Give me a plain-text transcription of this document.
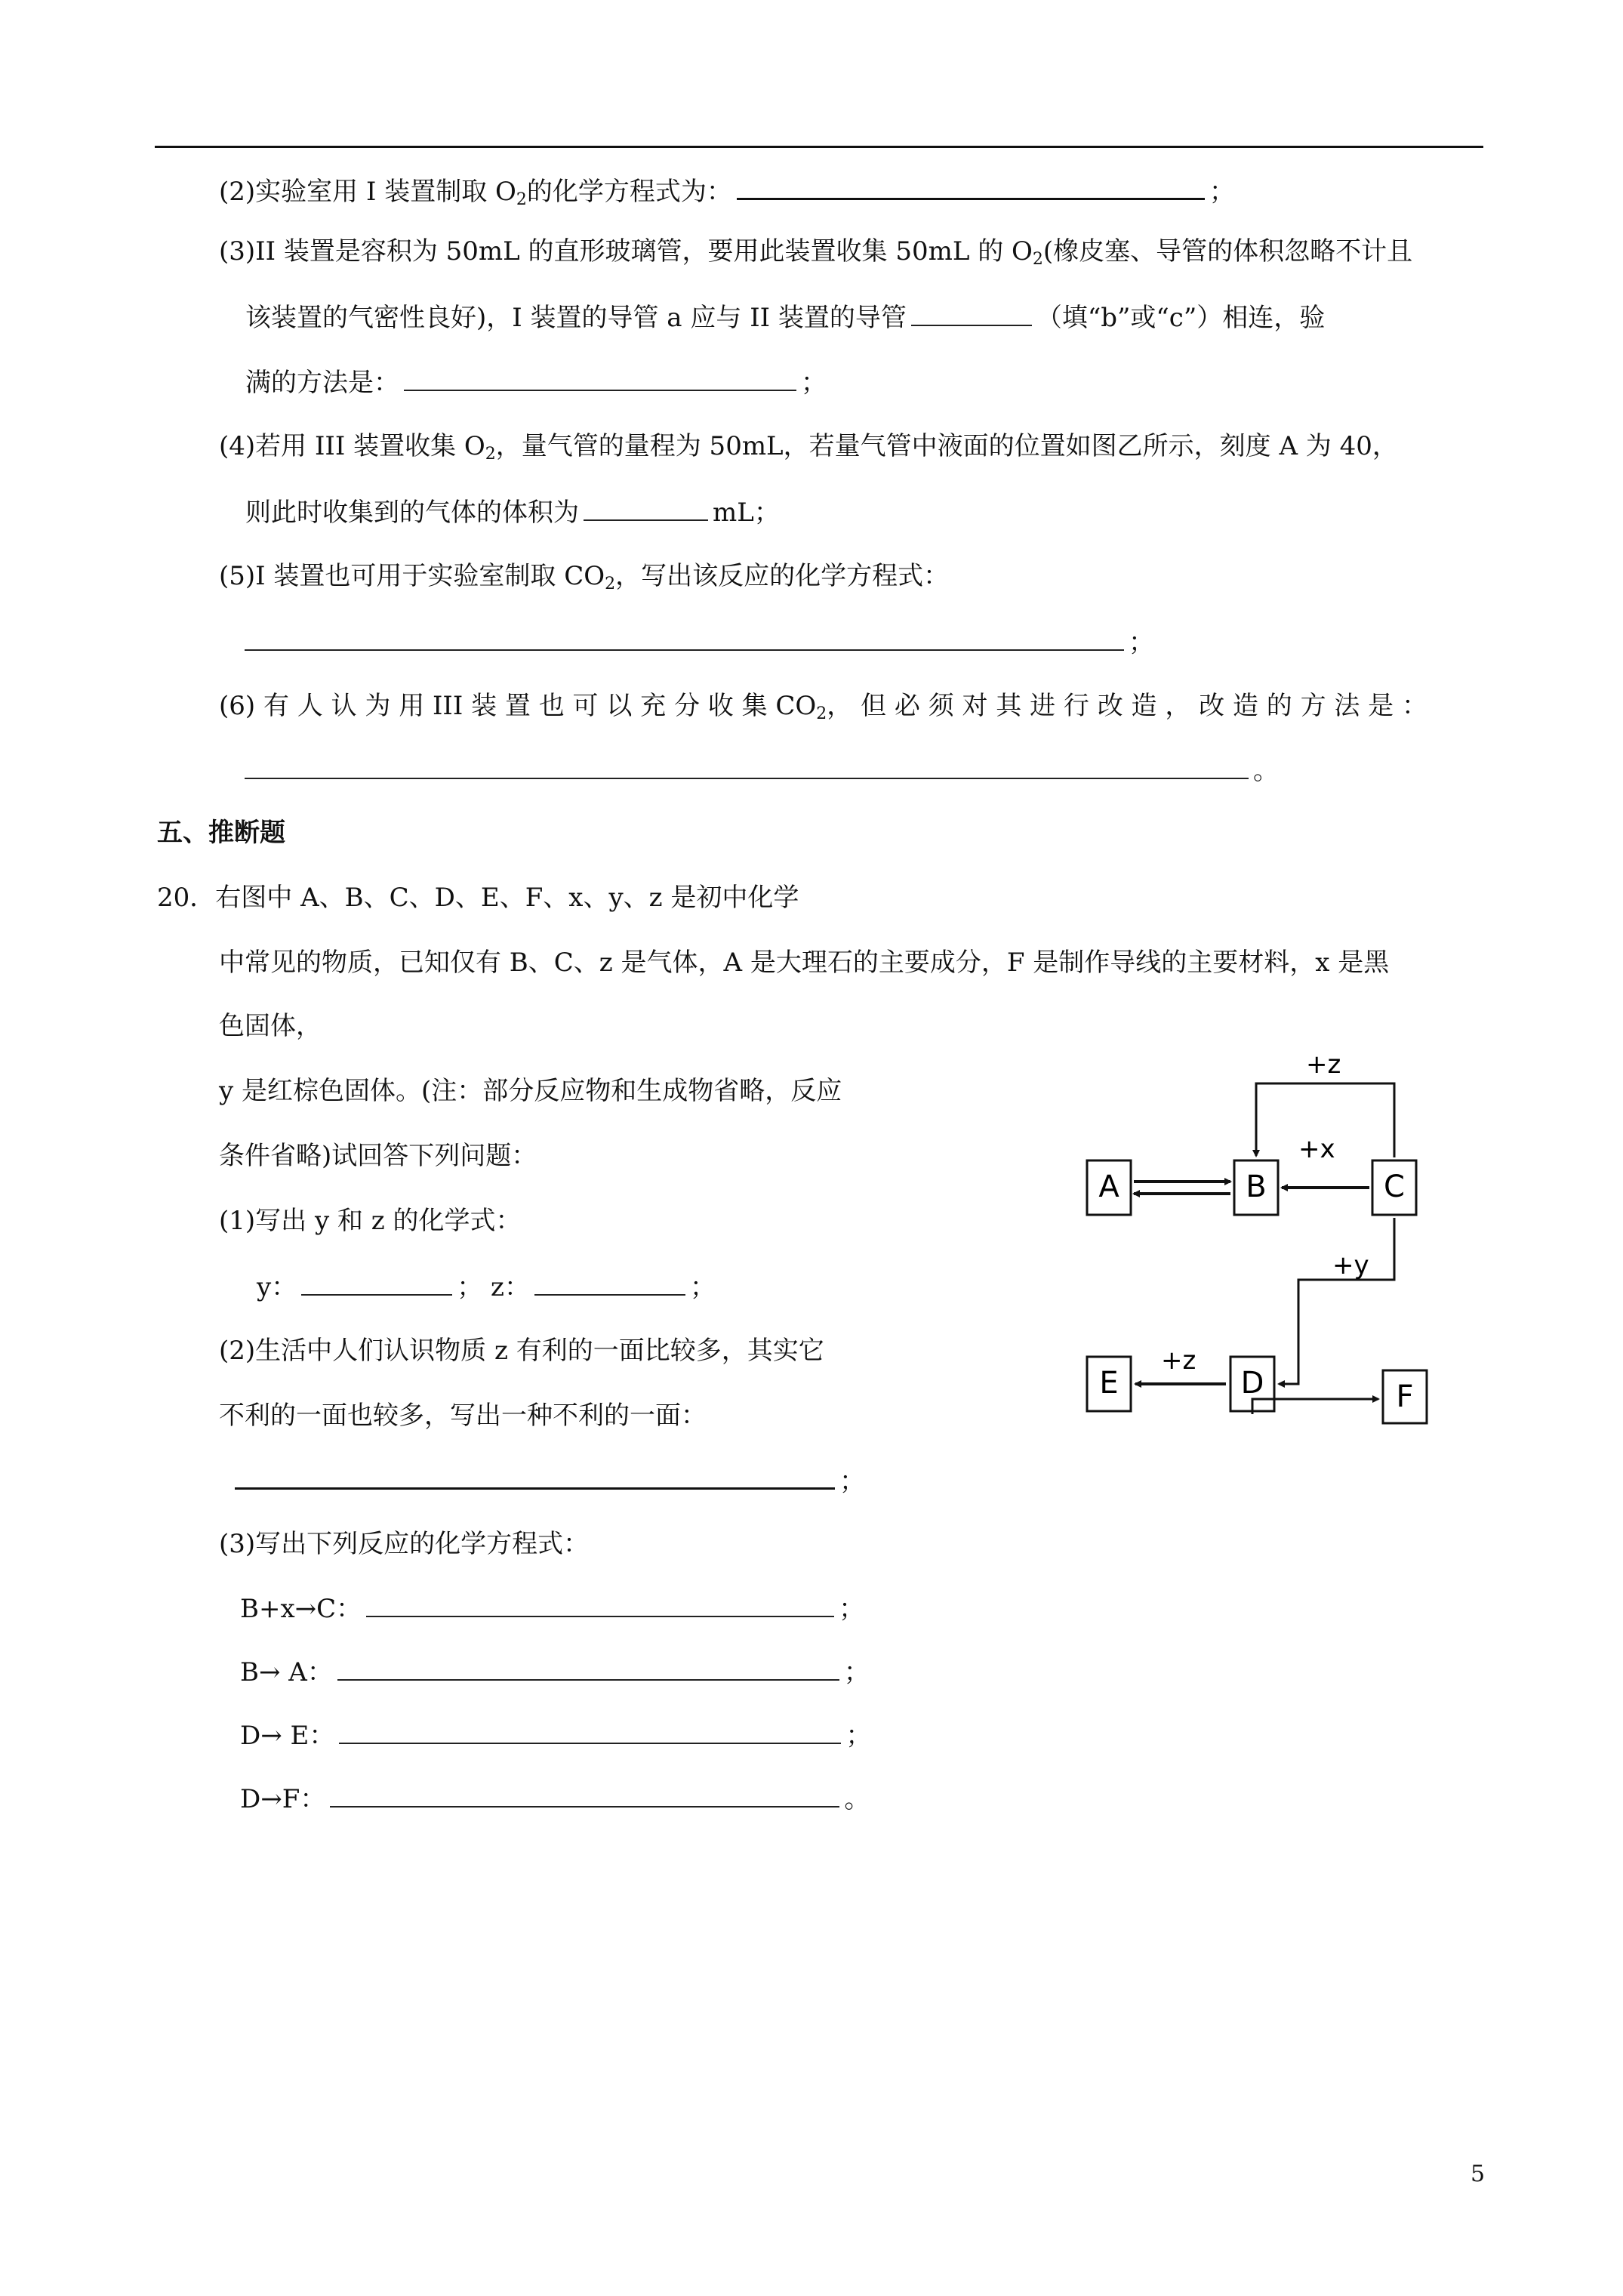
(2)实验室用 I 装置制取 $O_2$的化学方程式为：	；
(3)II 装置是容积为 50mL 的直形玻璃管，要用此装置收集 50mL 的 $O_2$(橡皮塞、导管的体积忽略不计且
该装置的气密性良好)，I 装置的导管 a 应与 II 装置的导管	（填“b”或“c”）相连，验
满的方法是：	；
(4)若用 III 装置收集 $O_2$，量气管的量程为 50mL，若量气管中液面的位置如图乙所示，刻度 A 为 40，
则此时收集到的气体的体积为	mL；
(5)I 装置也可用于实验室制取 $CO_2$，写出该反应的化学方程式：
；
(6) 有 人 认 为 用 III 装 置 也 可 以 充 分 收 集 $CO_2$， 但 必 须 对 其 进 行 改 造 ， 改 造 的 方 法 是 ：
。
五、推断题
20．右图中 A、B、C、D、E、F、x、y、z 是初中化学
中常见的物质，已知仅有 B、C、z 是气体，A 是大理石的主要成分，F 是制作导线的主要材料，x 是黑
色固体，
y 是红棕色固体。(注：部分反应物和生成物省略，反应
条件省略)试回答下列问题：
(1)写出 y 和 z 的化学式：
y：	； z：	；
(2)生活中人们认识物质 z 有利的一面比较多，其实它
不利的一面也较多，写出一种不利的一面：
；
(3)写出下列反应的化学方程式：
B+x→C：	；
B→ A：	；
D→ E：	；
D→F：	。
A	B	C
D
E	F
+x
+z
+y
+z
5
